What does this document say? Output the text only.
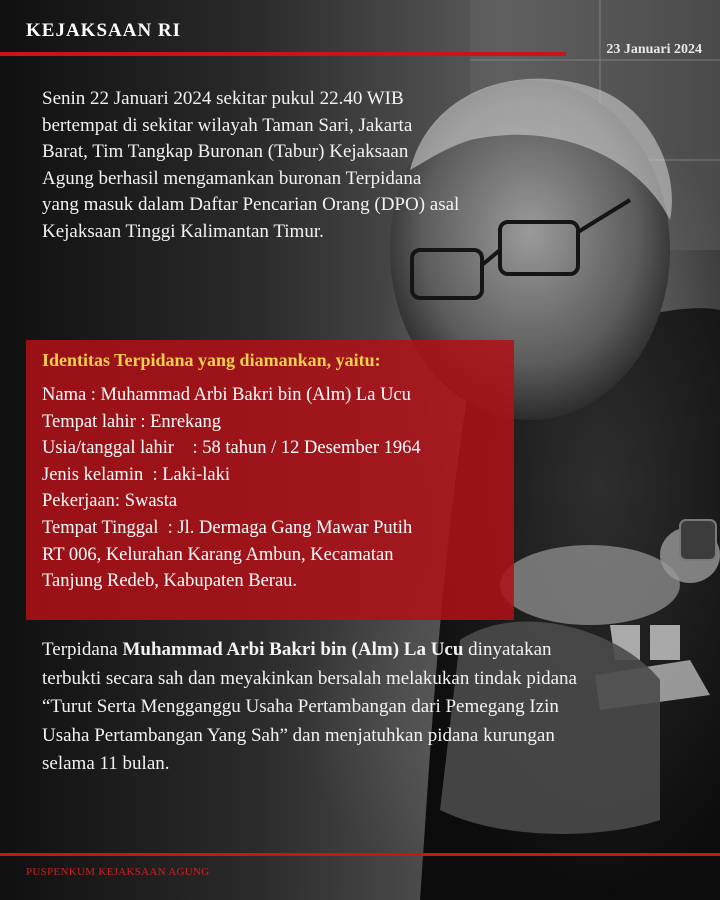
KEJAKSAAN RI
23 Januari 2024

Senin 22 Januari 2024 sekitar pukul 22.40 WIB bertempat di sekitar wilayah Taman Sari, Jakarta Barat, Tim Tangkap Buronan (Tabur) Kejaksaan Agung berhasil mengamankan buronan Terpidana yang masuk dalam Daftar Pencarian Orang (DPO) asal Kejaksaan Tinggi Kalimantan Timur.

Identitas Terpidana yang diamankan, yaitu:
Nama : Muhammad Arbi Bakri bin (Alm) La Ucu
Tempat lahir : Enrekang
Usia/tanggal lahir    : 58 tahun / 12 Desember 1964
Jenis kelamin  : Laki-laki
Pekerjaan: Swasta
Tempat Tinggal  : Jl. Dermaga Gang Mawar Putih
RT 006, Kelurahan Karang Ambun, Kecamatan
Tanjung Redeb, Kabupaten Berau.

Terpidana Muhammad Arbi Bakri bin (Alm) La Ucu dinyatakan terbukti secara sah dan meyakinkan bersalah melakukan tindak pidana “Turut Serta Mengganggu Usaha Pertambangan dari Pemegang Izin Usaha Pertambangan Yang Sah” dan menjatuhkan pidana kurungan selama 11 bulan.

PUSPENKUM KEJAKSAAN AGUNG
